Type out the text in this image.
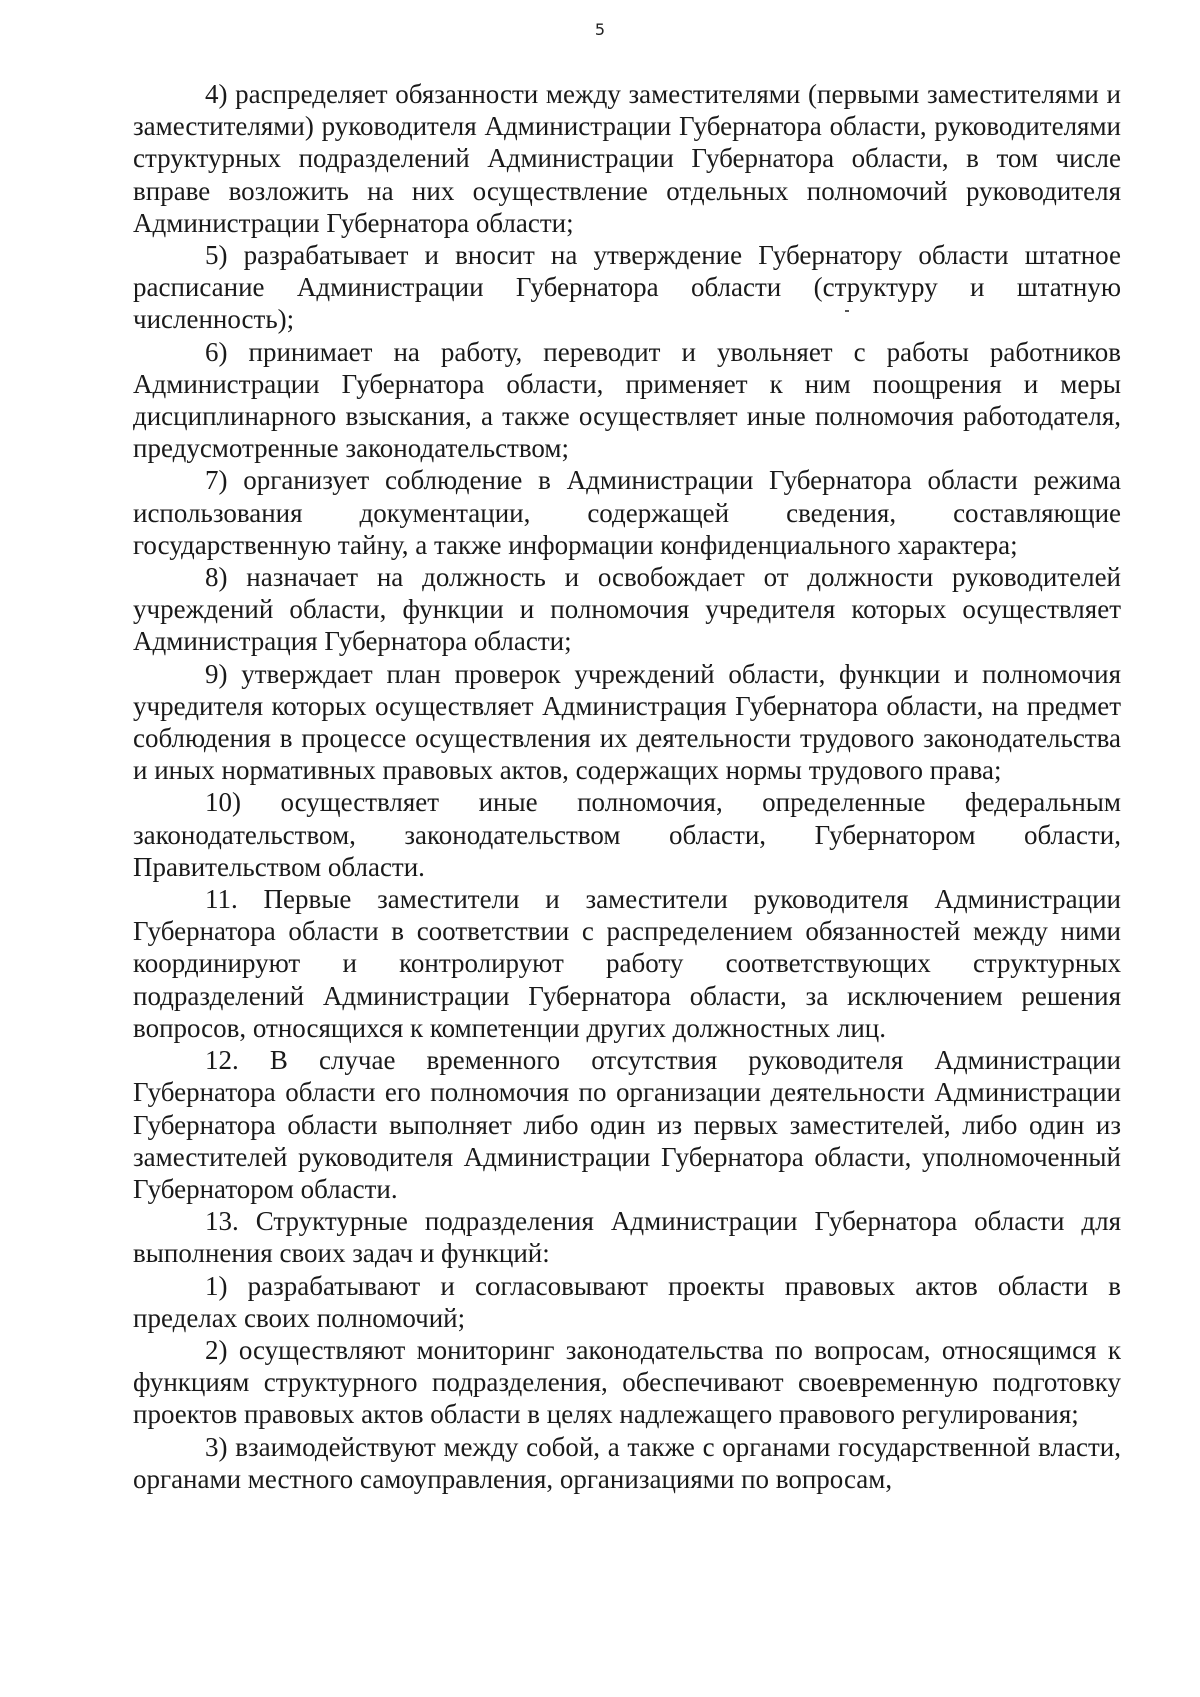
5

4) распределяет обязанности между заместителями (первыми заместителями и заместителями) руководителя Администрации Губернатора области, руководителями структурных подразделений Администрации Губернатора области, в том числе вправе возложить на них осуществление отдельных полномочий руководителя Администрации Губернатора области;

5) разрабатывает и вносит на утверждение Губернатору области штатное расписание Администрации Губернатора области (структуру и штатную численность);

6) принимает на работу, переводит и увольняет с работы работников Администрации Губернатора области, применяет к ним поощрения и меры дисциплинарного взыскания, а также осуществляет иные полномочия работодателя, предусмотренные законодательством;

7) организует соблюдение в Администрации Губернатора области режима использования документации, содержащей сведения, составляющие государственную тайну, а также информации конфиденциального характера;

8) назначает на должность и освобождает от должности руководителей учреждений области, функции и полномочия учредителя которых осуществляет Администрация Губернатора области;

9) утверждает план проверок учреждений области, функции и полномочия учредителя которых осуществляет Администрация Губернатора области, на предмет соблюдения в процессе осуществления их деятельности трудового законодательства и иных нормативных правовых актов, содержащих нормы трудового права;

10) осуществляет иные полномочия, определенные федеральным законодательством, законодательством области, Губернатором области, Правительством области.

11. Первые заместители и заместители руководителя Администрации Губернатора области в соответствии с распределением обязанностей между ними координируют и контролируют работу соответствующих структурных подразделений Администрации Губернатора области, за исключением решения вопросов, относящихся к компетенции других должностных лиц.

12. В случае временного отсутствия руководителя Администрации Губернатора области его полномочия по организации деятельности Администрации Губернатора области выполняет либо один из первых заместителей, либо один из заместителей руководителя Администрации Губернатора области, уполномоченный Губернатором области.

13. Структурные подразделения Администрации Губернатора области для выполнения своих задач и функций:

1) разрабатывают и согласовывают проекты правовых актов области в пределах своих полномочий;

2) осуществляют мониторинг законодательства по вопросам, относящимся к функциям структурного подразделения, обеспечивают своевременную подготовку проектов правовых актов области в целях надлежащего правового регулирования;

3) взаимодействуют между собой, а также с органами государственной власти, органами местного самоуправления, организациями по вопросам,
